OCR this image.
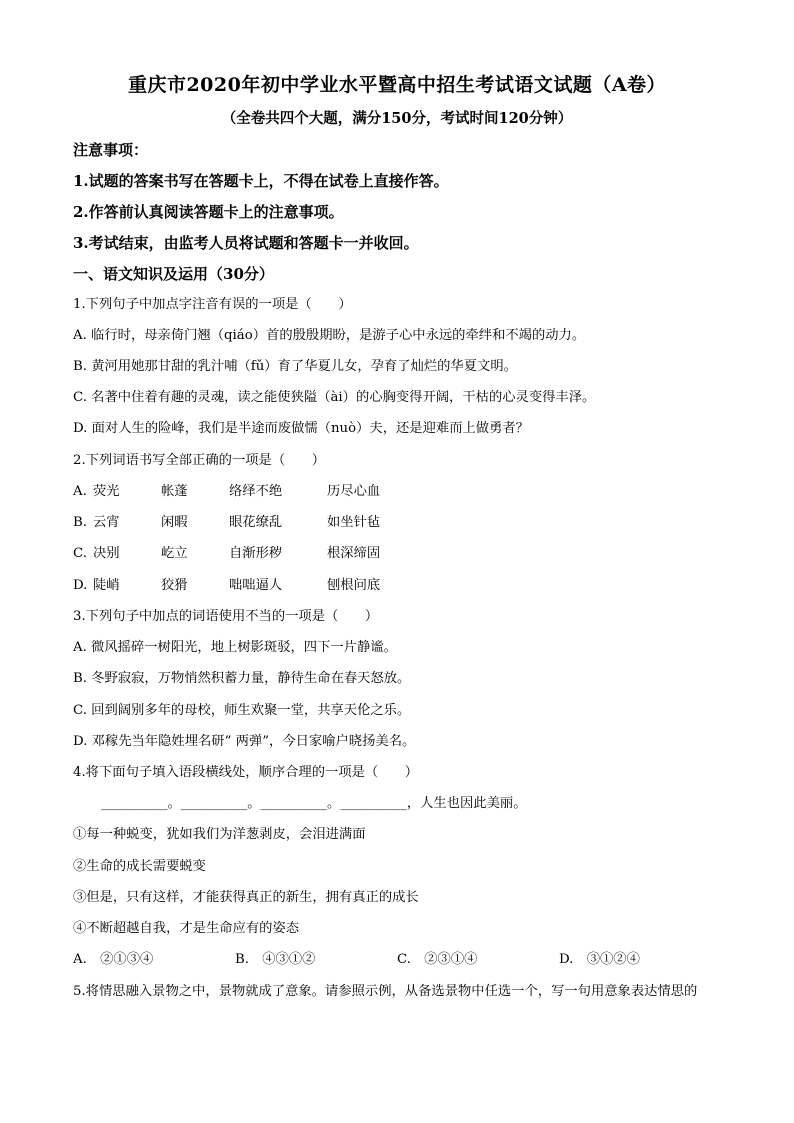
重庆市2020年初中学业水平暨高中招生考试语文试题（A卷）
（全卷共四个大题，满分150分，考试时间120分钟）
注意事项：
1.试题的答案书写在答题卡上，不得在试卷上直接作答。
2.作答前认真阅读答题卡上的注意事项。
3.考试结束，由监考人员将试题和答题卡一并收回。
一、语文知识及运用（30分）
1.下列句子中加点字注音有误的一项是（　　）
A. 临行时，母亲倚门翘（qiáo）首的殷殷期盼，是游子心中永远的牵绊和不竭的动力。
B. 黄河用她那甘甜的乳汁哺（fǔ）育了华夏儿女，孕育了灿烂的华夏文明。
C. 名著中住着有趣的灵魂，读之能使狭隘（ài）的心胸变得开阔，干枯的心灵变得丰泽。
D. 面对人生的险峰，我们是半途而废做懦（nuò）夫，还是迎难而上做勇者？
2.下列词语书写全部正确的一项是（　　）
A. 荧光	帐蓬	络绎不绝	历尽心血
B. 云宵	闲暇	眼花缭乱	如坐针毡
C. 决别	屹立	自渐形秽	根深缔固
D. 陡峭	狡猾	咄咄逼人	刨根问底
3.下列句子中加点的词语使用不当的一项是（　　）
A. 微风摇碎一树阳光，地上树影斑驳，四下一片静谧。
B. 冬野寂寂，万物悄然积蓄力量，静待生命在春天怒放。
C. 回到阔别多年的母校，师生欢聚一堂，共享天伦之乐。
D. 邓稼先当年隐姓埋名研” 两弹”，今日家喻户晓扬美名。
4.将下面句子填入语段横线处，顺序合理的一项是（　　）
__________。__________。__________。__________，人生也因此美丽。
①每一种蜕变，犹如我们为洋葱剥皮，会泪进满面
②生命的成长需要蜕变
③但是，只有这样，才能获得真正的新生，拥有真正的成长
④不断超越自我，才是生命应有的姿态
A.　②①③④	B.　④③①②	C.　②③①④	D.　③①②④
5.将情思融入景物之中，景物就成了意象。请参照示例，从备选景物中任选一个，写一句用意象表达情思的
